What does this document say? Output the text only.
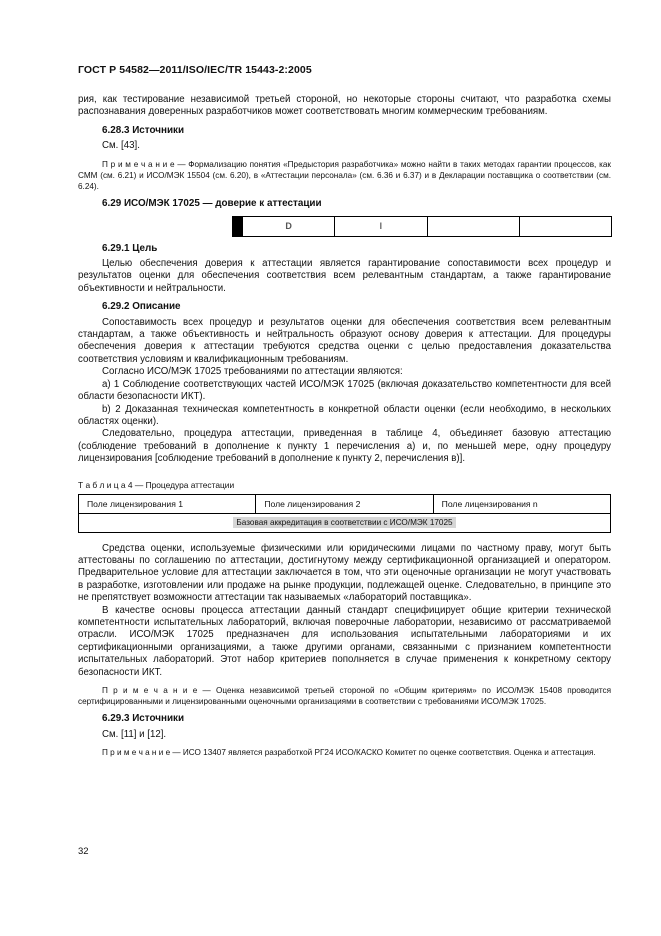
ГОСТ Р 54582—2011/ISO/IEC/TR 15443-2:2005

рия, как тестирование независимой третьей стороной, но некоторые стороны считают, что разработка схемы распознавания доверенных разработчиков может соответствовать многим коммерческим требованиям.

6.28.3 Источники

См. [43].

П р и м е ч а н и е — Формализацию понятия «Предыстория разработчика» можно найти в таких методах гарантии процессов, как СММ (см. 6.21) и ИСО/МЭК 15504 (см. 6.20), в «Аттестации персонала» (см. 6.36 и 6.37) и в Декларации поставщика о соответствии (см. 6.24).

6.29 ИСО/МЭК 17025 — доверие к аттестации
D	I
6.29.1 Цель

Целью обеспечения доверия к аттестации является гарантирование сопоставимости всех процедур и результатов оценки для обеспечения соответствия всем релевантным стандартам, а также гарантирование объективности и нейтральности.

6.29.2 Описание

Сопоставимость всех процедур и результатов оценки для обеспечения соответствия всем релевантным стандартам, а также объективность и нейтральность образуют основу доверия к аттестации. Для процедуры обеспечения доверия к аттестации требуются средства оценки с целью предоставления доказательства соответствия условиям и квалификационным требованиям.

Согласно ИСО/МЭК 17025 требованиями по аттестации являются:

a) 1 Соблюдение соответствующих частей ИСО/МЭК 17025 (включая доказательство компетентности для всей области безопасности ИКТ).

b) 2 Доказанная техническая компетентность в конкретной области оценки (если необходимо, в нескольких областях оценки).

Следовательно, процедура аттестации, приведенная в таблице 4, объединяет базовую аттестацию (соблюдение требований в дополнение к пункту 1 перечисления а) и, по меньшей мере, одну процедуру лицензирования [соблюдение требований в дополнение к пункту 2, перечисления в)].

Т а б л и ц а 4 — Процедура аттестации
Поле лицензирования 1	Поле лицензирования 2	Поле лицензирования n
Базовая аккредитация в соответствии с ИСО/МЭК 17025

Средства оценки, используемые физическими или юридическими лицами по частному праву, могут быть аттестованы по соглашению по аттестации, достигнутому между сертификационной организацией и оператором. Предварительное условие для аттестации заключается в том, что эти оценочные организации не могут участвовать в разработке, изготовлении или продаже на рынке продукции, подлежащей оценке. Следовательно, в принципе это не препятствует возможности аттестации так называемых «лабораторий поставщика».

В качестве основы процесса аттестации данный стандарт специфицирует общие критерии технической компетентности испытательных лабораторий, включая поверочные лаборатории, независимо от рассматриваемой отрасли. ИСО/МЭК 17025 предназначен для использования испытательными лабораториями и их сертификационными организациями, а также другими органами, связанными с признанием компетентности испытательных лабораторий. Этот набор критериев пополняется в случае применения к конкретному сектору безопасности ИКТ.

П р и м е ч а н и е — Оценка независимой третьей стороной по «Общим критериям» по ИСО/МЭК 15408 проводится сертифицированными и лицензированными оценочными организациями в соответствии с требованиями ИСО/МЭК 17025.

6.29.3 Источники

См. [11] и [12].

П р и м е ч а н и е — ИСО 13407 является разработкой РГ24 ИСО/КАСКО Комитет по оценке соответствия. Оценка и аттестация.

32
